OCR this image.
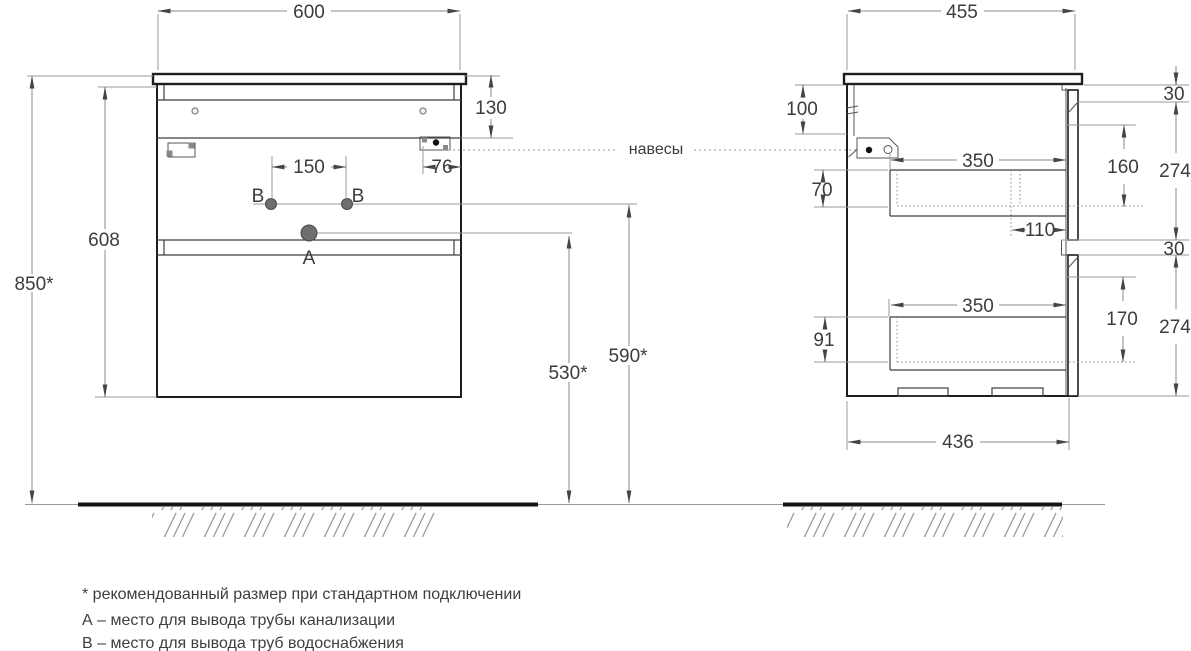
В	В
А
600
130
76
150
608
850*
530*
590*
навесы
455
100
70
91
350
350
110
436
30
274
30
274
160
170
* рекомендованный размер при стандартном подключении
А – место для вывода трубы канализации
В – место для вывода труб водоснабжения
